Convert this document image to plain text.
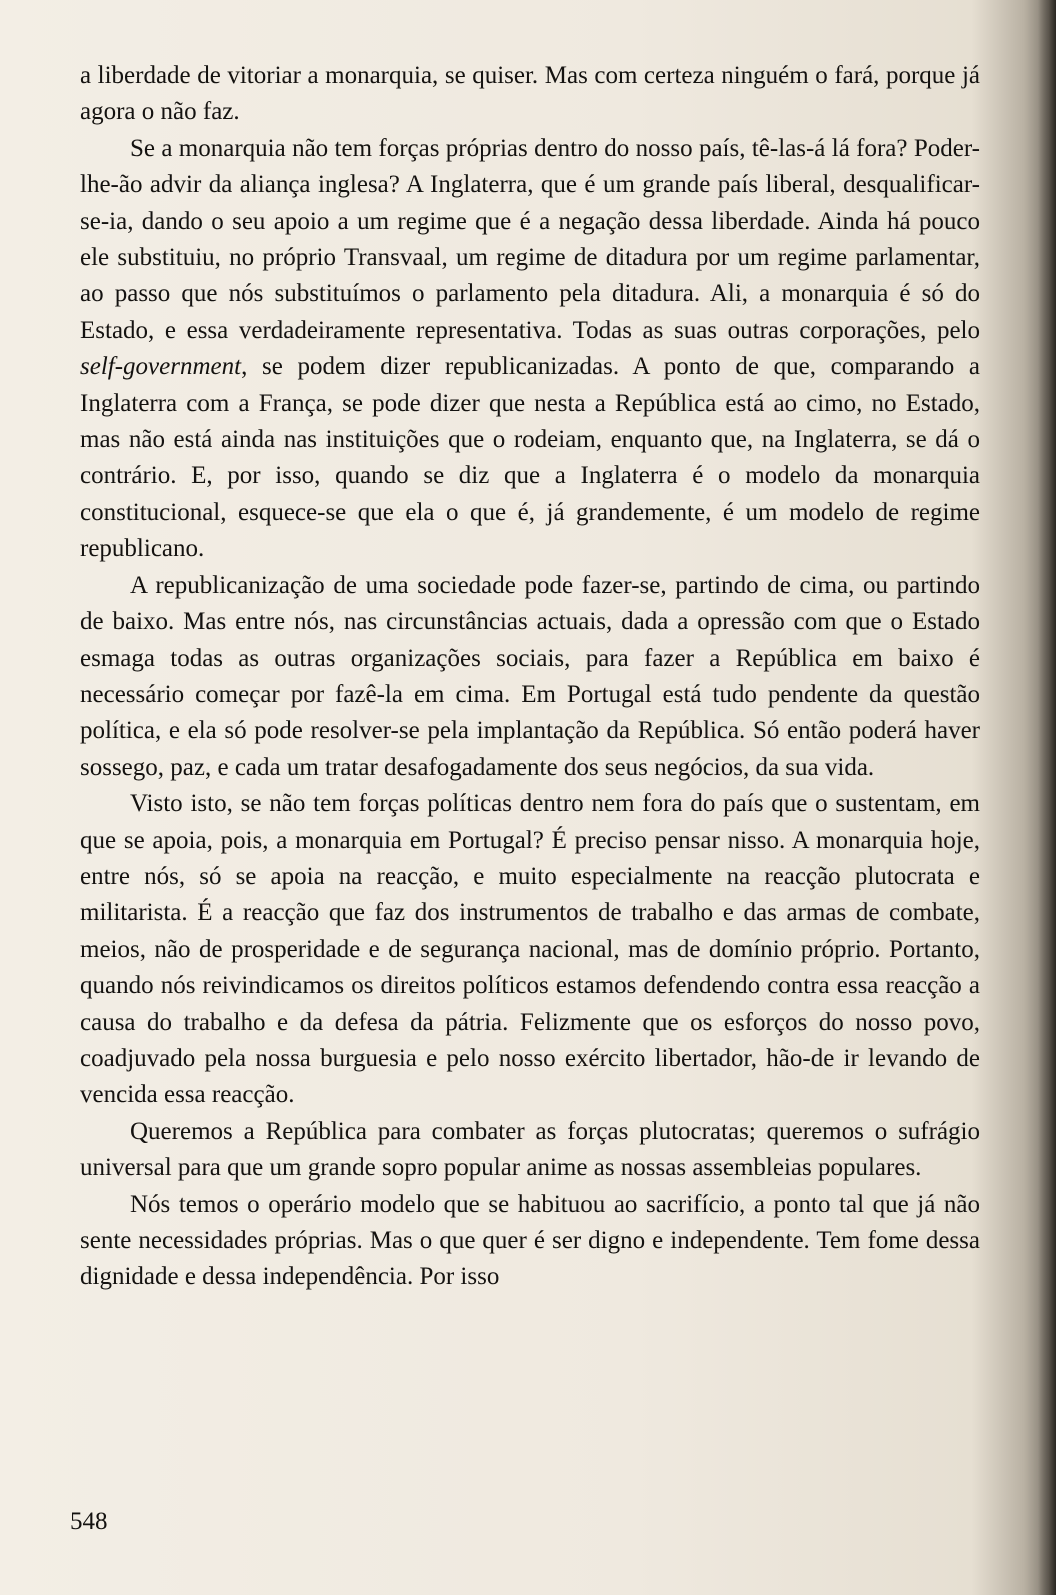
a liberdade de vitoriar a monarquia, se quiser. Mas com certeza ninguém o fará, porque já agora o não faz.

Se a monarquia não tem forças próprias dentro do nosso país, tê-las-á lá fora? Poder-lhe-ão advir da aliança inglesa? A Inglaterra, que é um grande país liberal, desqualificar-se-ia, dando o seu apoio a um regime que é a negação dessa liberdade. Ainda há pouco ele substituiu, no próprio Transvaal, um regime de ditadura por um regime parlamentar, ao passo que nós substituímos o parlamento pela ditadura. Ali, a monarquia é só do Estado, e essa verdadeiramente representativa. Todas as suas outras corporações, pelo self-government, se podem dizer republicanizadas. A ponto de que, comparando a Inglaterra com a França, se pode dizer que nesta a República está ao cimo, no Estado, mas não está ainda nas instituições que o rodeiam, enquanto que, na Inglaterra, se dá o contrário. E, por isso, quando se diz que a Inglaterra é o modelo da monarquia constitucional, esquece-se que ela o que é, já grandemente, é um modelo de regime republicano.

A republicanização de uma sociedade pode fazer-se, partindo de cima, ou partindo de baixo. Mas entre nós, nas circunstâncias actuais, dada a opressão com que o Estado esmaga todas as outras organizações sociais, para fazer a República em baixo é necessário começar por fazê-la em cima. Em Portugal está tudo pendente da questão política, e ela só pode resolver-se pela implantação da República. Só então poderá haver sossego, paz, e cada um tratar desafogadamente dos seus negócios, da sua vida.

Visto isto, se não tem forças políticas dentro nem fora do país que o sustentam, em que se apoia, pois, a monarquia em Portugal? É preciso pensar nisso. A monarquia hoje, entre nós, só se apoia na reacção, e muito especialmente na reacção plutocrata e militarista. É a reacção que faz dos instrumentos de trabalho e das armas de combate, meios, não de prosperidade e de segurança nacional, mas de domínio próprio. Portanto, quando nós reivindicamos os direitos políticos estamos defendendo contra essa reacção a causa do trabalho e da defesa da pátria. Felizmente que os esforços do nosso povo, coadjuvado pela nossa burguesia e pelo nosso exército libertador, hão-de ir levando de vencida essa reacção.

Queremos a República para combater as forças plutocratas; queremos o sufrágio universal para que um grande sopro popular anime as nossas assembleias populares.

Nós temos o operário modelo que se habituou ao sacrifício, a ponto tal que já não sente necessidades próprias. Mas o que quer é ser digno e independente. Tem fome dessa dignidade e dessa independência. Por isso

548
